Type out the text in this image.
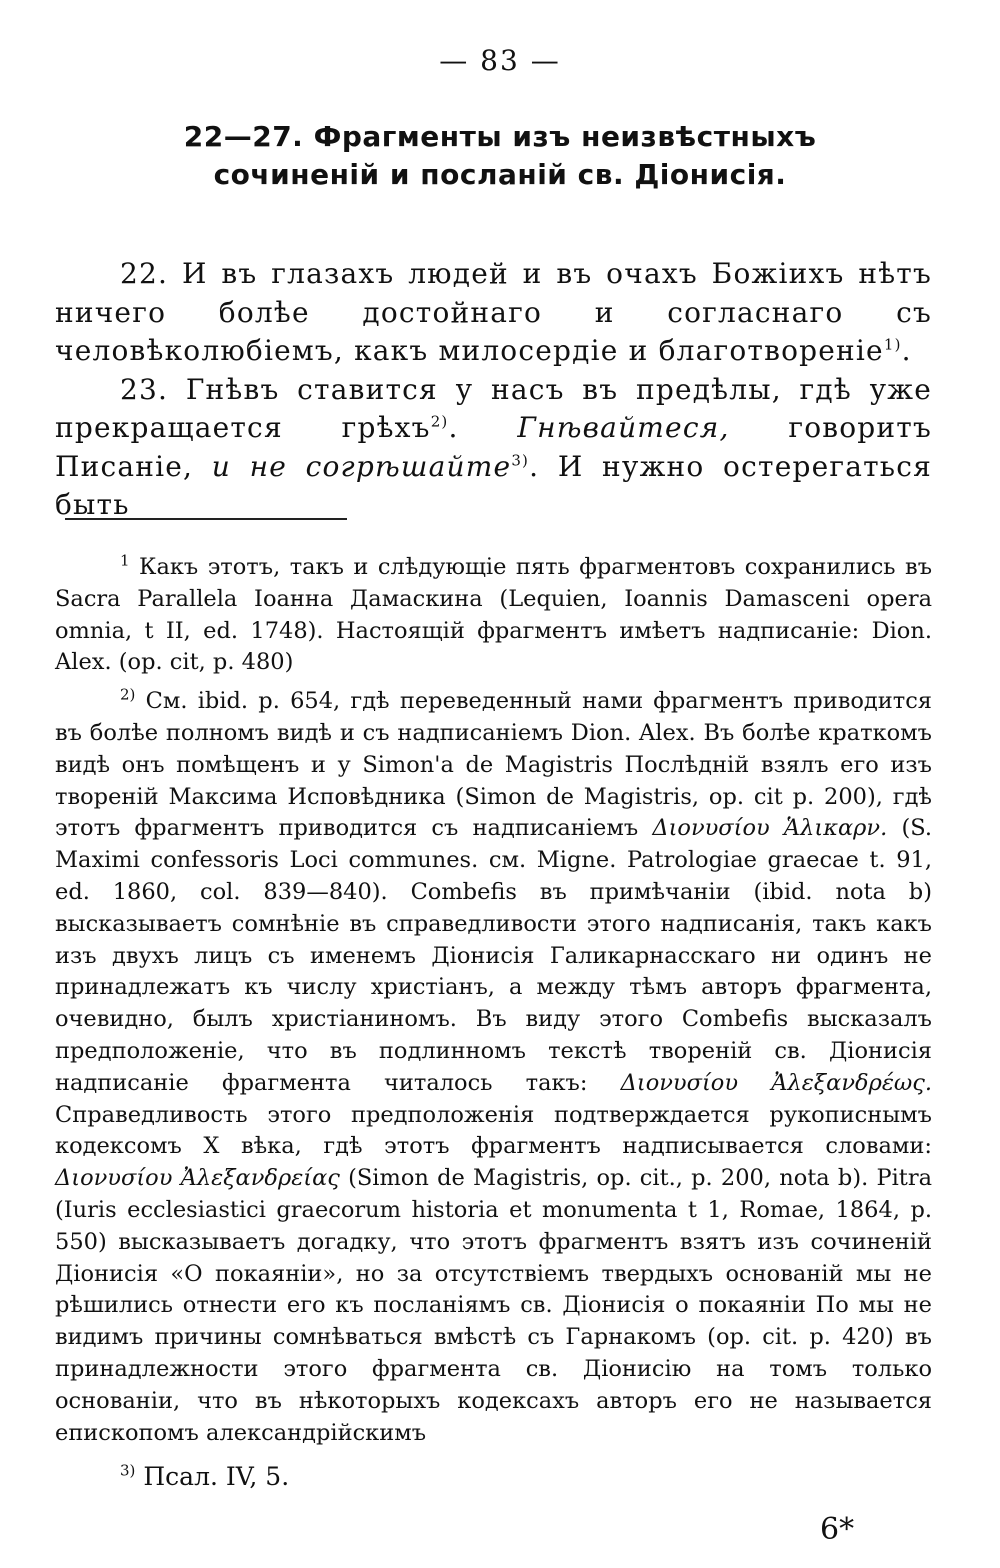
— 83 —
22—27. Фрагменты изъ неизвѣстныхъ
сочиненій и посланій св. Діонисія.

22. И въ глазахъ людей и въ очахъ Божіихъ нѣтъ ничего болѣе достойнаго и согласнаго съ человѣколюбіемъ, какъ милосердіе и благотвореніе$^{1)}$.

23. Гнѣвъ ставится у насъ въ предѣлы, гдѣ уже прекращается грѣхъ$^{2)}$. Гнѣвайтеся, говоритъ Писаніе, и не согрѣшайте$^{3)}$. И нужно остерегаться быть

$^1$ Какъ этотъ, такъ и слѣдующіе пять фрагментовъ сохранились въ Sacra Parallela Іоанна Дамаскина (Lequien, Ioannis Damasceni opera omnia, t II, ed. 1748). Настоящій фрагментъ имѣетъ надписаніе: Dion. Alex. (op. cit, p. 480)

$^{2)}$ См. ibid. p. 654, гдѣ переведенный нами фрагментъ приводится въ болѣе полномъ видѣ и съ надписаніемъ Dion. Alex. Въ болѣе краткомъ видѣ онъ помѣщенъ и у Simon'a de Magistris Послѣдній взялъ его изъ твореній Максима Исповѣдника (Simon de Magistris, op. cit p. 200), гдѣ этотъ фрагментъ приводится съ надписаніемъ Διονυσίου Ἁλικαρν. (S. Maximi confessoris Loci communes. см. Migne. Patrologiae graecae t. 91, ed. 1860, col. 839—840). Combefis въ примѣчаніи (ibid. nota b) высказываетъ сомнѣніе въ справедливости этого надписанія, такъ какъ изъ двухъ лицъ съ именемъ Діонисія Галикарнасскаго ни одинъ не принадлежатъ къ числу христіанъ, а между тѣмъ авторъ фрагмента, очевидно, былъ христіаниномъ. Въ виду этого Combefis высказалъ предположеніе, что въ подлинномъ текстѣ твореній св. Діонисія надписаніе фрагмента читалось такъ: Διονυσίου Ἀλεξανδρέως. Справедливость этого предположенія подтверждается рукописнымъ кодексомъ X вѣка, гдѣ этотъ фрагментъ надписывается словами: Διονυσίου Ἀλεξανδρείας (Simon de Magistris, op. cit., p. 200, nota b). Pitra (Iuris ecclesiastici graecorum historia et monumenta t 1, Romae, 1864, p. 550) высказываетъ догадку, что этотъ фрагментъ взятъ изъ сочиненій Діонисія «О покаяніи», но за отсутствіемъ твердыхъ основаній мы не рѣшились отнести его къ посланіямъ св. Діонисія о покаяніи По мы не видимъ причины сомнѣваться вмѣстѣ съ Гарнакомъ (op. cit. p. 420) въ принадлежности этого фрагмента св. Діонисію на томъ только основаніи, что въ нѣкоторыхъ кодексахъ авторъ его не называется епископомъ александрійскимъ

$^{3)}$ Псал. IV, 5.

6*
